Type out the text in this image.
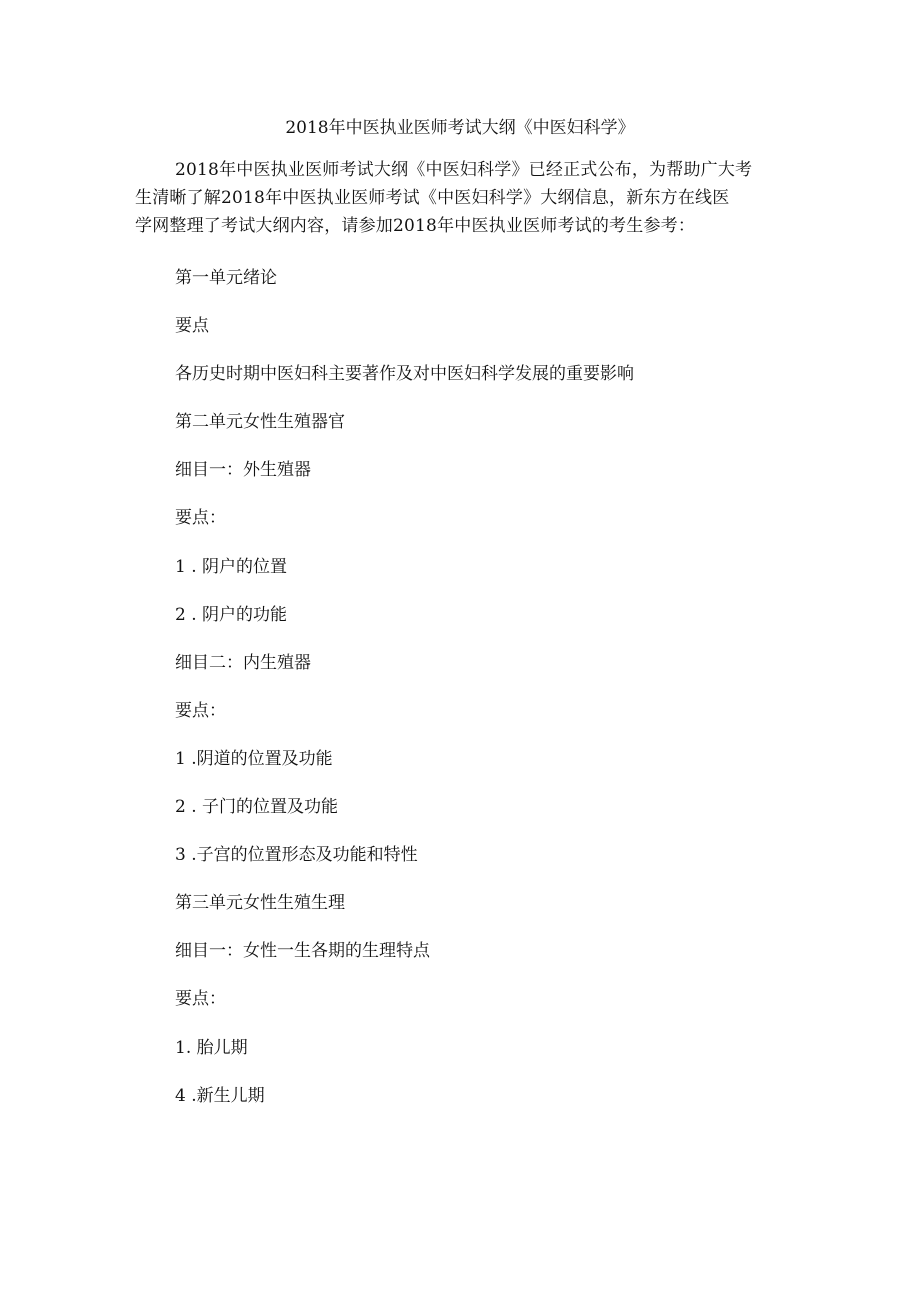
2018年中医执业医师考试大纲《中医妇科学》
2018年中医执业医师考试大纲《中医妇科学》已经正式公布，为帮助广大考
生清晰了解2018年中医执业医师考试《中医妇科学》大纲信息，新东方在线医
学网整理了考试大纲内容，请参加2018年中医执业医师考试的考生参考：
第一单元绪论
要点
各历史时期中医妇科主要著作及对中医妇科学发展的重要影响
第二单元女性生殖器官
细目一：外生殖器
要点：
1 . 阴户的位置
2 . 阴户的功能
细目二：内生殖器
要点：
1 .阴道的位置及功能
2 . 子门的位置及功能
3 .子宫的位置形态及功能和特性
第三单元女性生殖生理
细目一：女性一生各期的生理特点
要点：
1. 胎儿期
4 .新生儿期
